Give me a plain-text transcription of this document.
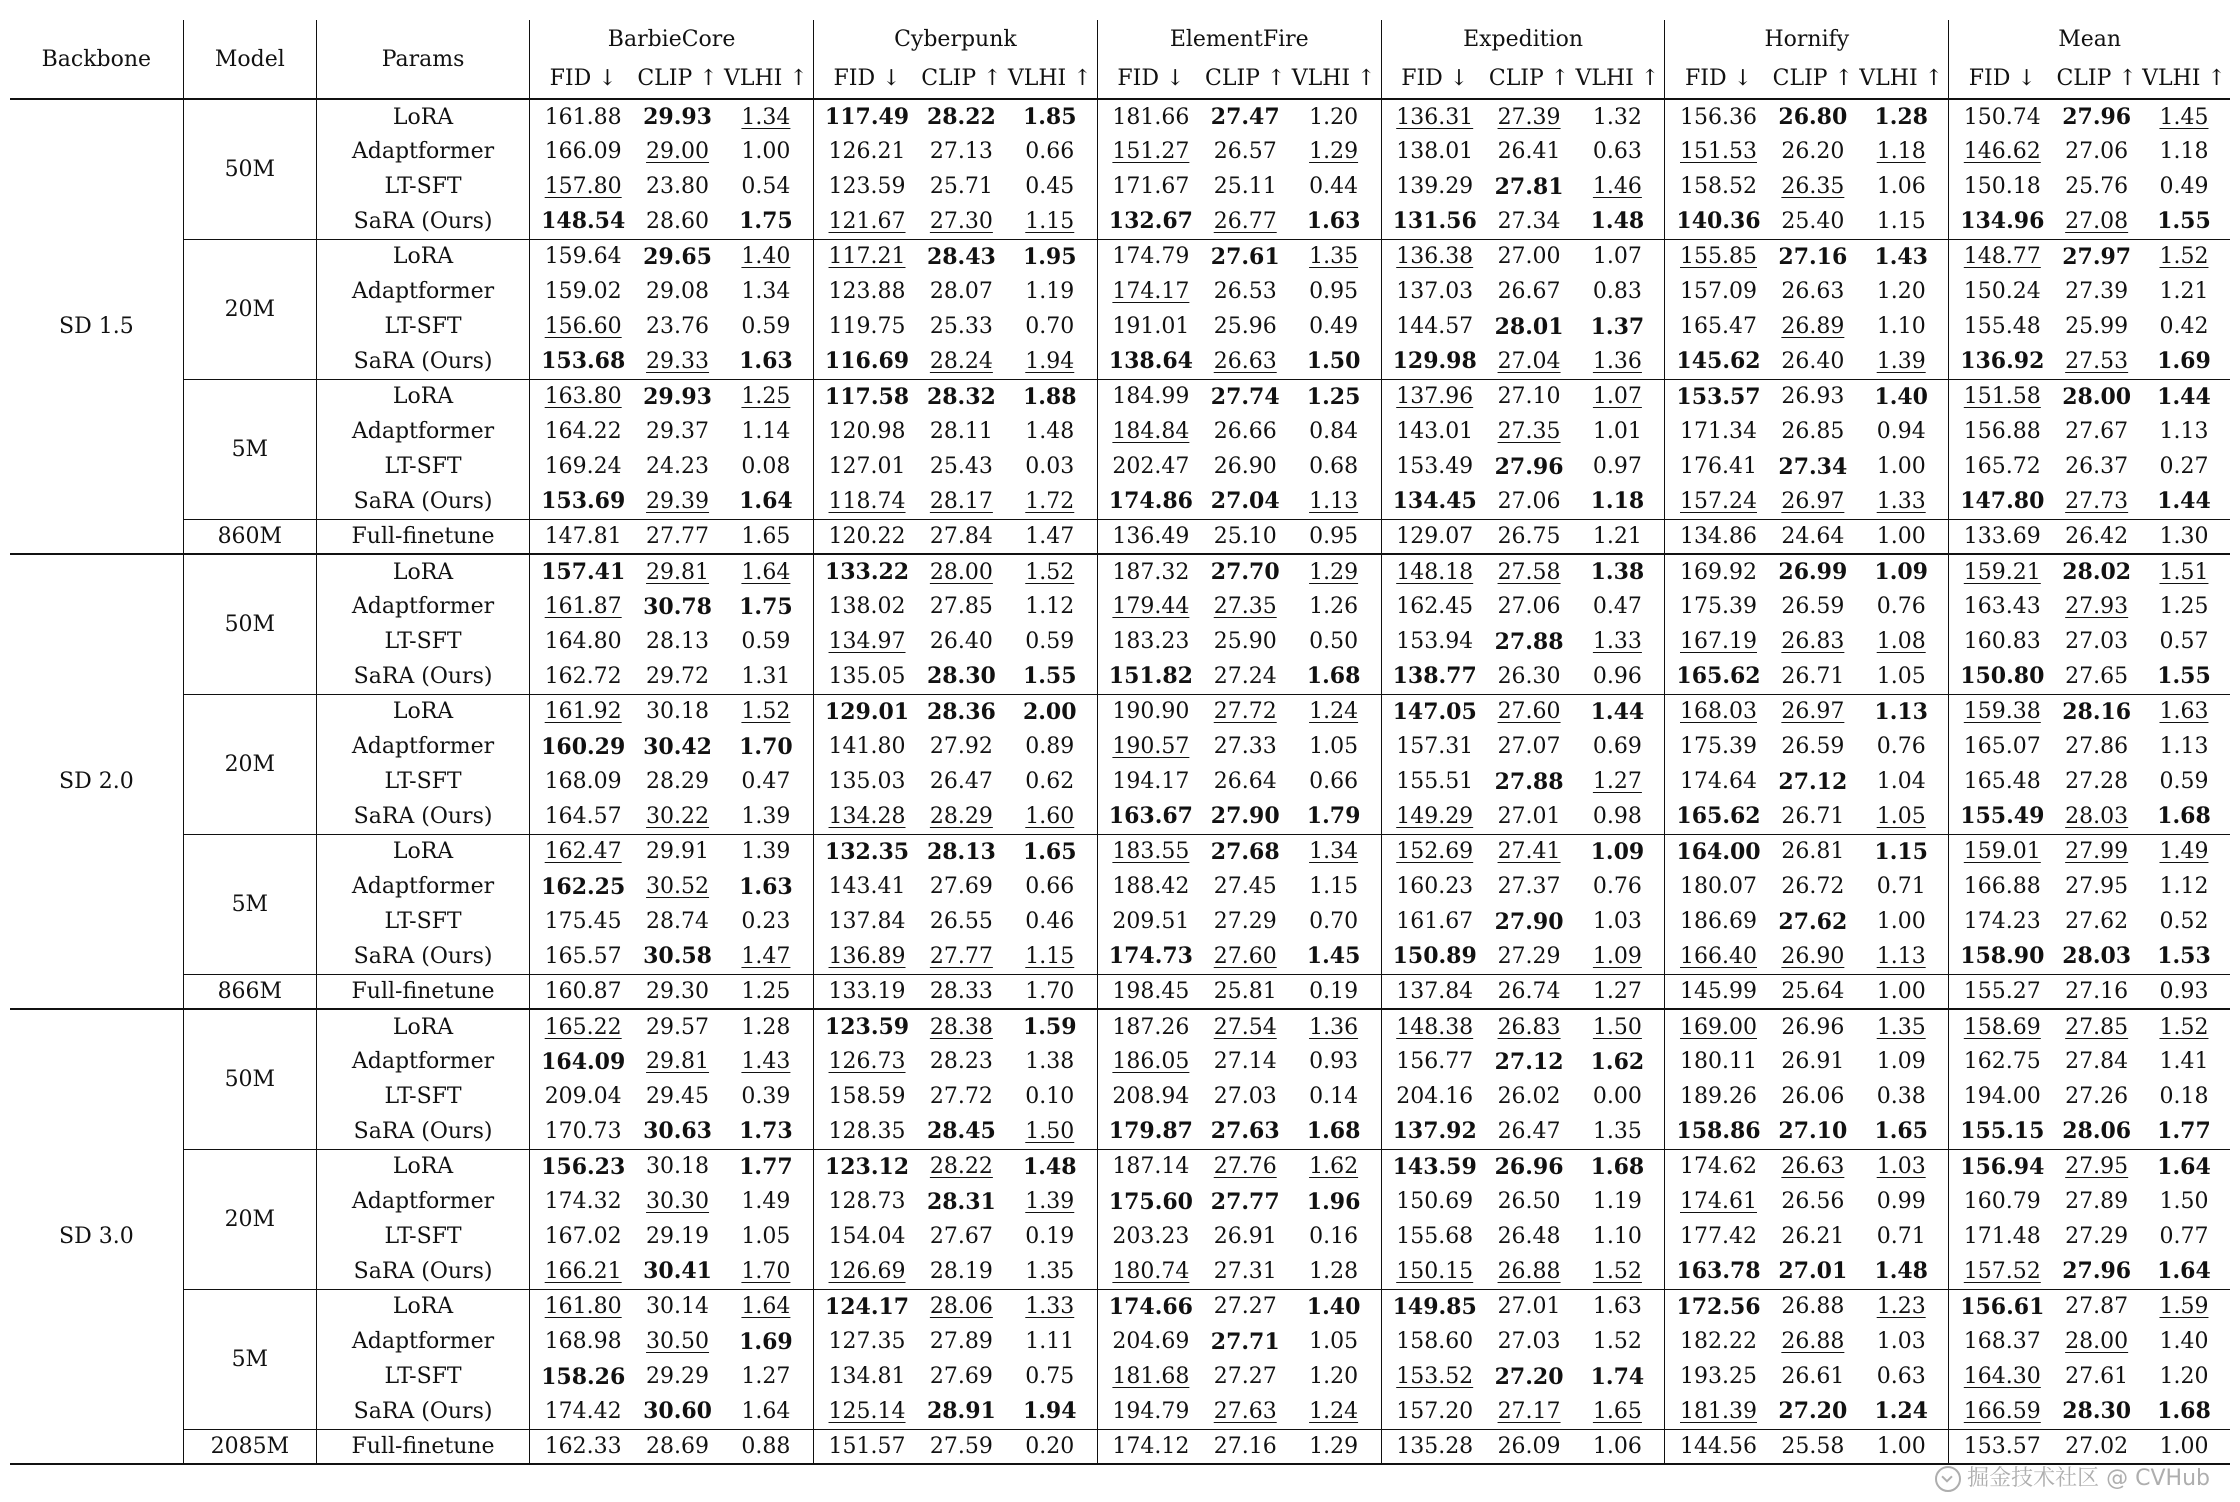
Backbone	Model	Params	BarbieCore			Cyberpunk			ElementFire			Expedition			Hornify			Mean		
			FID ↓	CLIP ↑	VLHI ↑	FID ↓	CLIP ↑	VLHI ↑	FID ↓	CLIP ↑	VLHI ↑	FID ↓	CLIP ↑	VLHI ↑	FID ↓	CLIP ↑	VLHI ↑	FID ↓	CLIP ↑	VLHI ↑
SD 1.5	50M	LoRA	161.88	29.93	1.34	117.49	28.22	1.85	181.66	27.47	1.20	136.31	27.39	1.32	156.36	26.80	1.28	150.74	27.96	1.45
		Adaptformer	166.09	29.00	1.00	126.21	27.13	0.66	151.27	26.57	1.29	138.01	26.41	0.63	151.53	26.20	1.18	146.62	27.06	1.18
		LT-SFT	157.80	23.80	0.54	123.59	25.71	0.45	171.67	25.11	0.44	139.29	27.81	1.46	158.52	26.35	1.06	150.18	25.76	0.49
		SaRA (Ours)	148.54	28.60	1.75	121.67	27.30	1.15	132.67	26.77	1.63	131.56	27.34	1.48	140.36	25.40	1.15	134.96	27.08	1.55
	20M	LoRA	159.64	29.65	1.40	117.21	28.43	1.95	174.79	27.61	1.35	136.38	27.00	1.07	155.85	27.16	1.43	148.77	27.97	1.52
		Adaptformer	159.02	29.08	1.34	123.88	28.07	1.19	174.17	26.53	0.95	137.03	26.67	0.83	157.09	26.63	1.20	150.24	27.39	1.21
		LT-SFT	156.60	23.76	0.59	119.75	25.33	0.70	191.01	25.96	0.49	144.57	28.01	1.37	165.47	26.89	1.10	155.48	25.99	0.42
		SaRA (Ours)	153.68	29.33	1.63	116.69	28.24	1.94	138.64	26.63	1.50	129.98	27.04	1.36	145.62	26.40	1.39	136.92	27.53	1.69
	5M	LoRA	163.80	29.93	1.25	117.58	28.32	1.88	184.99	27.74	1.25	137.96	27.10	1.07	153.57	26.93	1.40	151.58	28.00	1.44
		Adaptformer	164.22	29.37	1.14	120.98	28.11	1.48	184.84	26.66	0.84	143.01	27.35	1.01	171.34	26.85	0.94	156.88	27.67	1.13
		LT-SFT	169.24	24.23	0.08	127.01	25.43	0.03	202.47	26.90	0.68	153.49	27.96	0.97	176.41	27.34	1.00	165.72	26.37	0.27
		SaRA (Ours)	153.69	29.39	1.64	118.74	28.17	1.72	174.86	27.04	1.13	134.45	27.06	1.18	157.24	26.97	1.33	147.80	27.73	1.44
	860M	Full-finetune	147.81	27.77	1.65	120.22	27.84	1.47	136.49	25.10	0.95	129.07	26.75	1.21	134.86	24.64	1.00	133.69	26.42	1.30
SD 2.0	50M	LoRA	157.41	29.81	1.64	133.22	28.00	1.52	187.32	27.70	1.29	148.18	27.58	1.38	169.92	26.99	1.09	159.21	28.02	1.51
		Adaptformer	161.87	30.78	1.75	138.02	27.85	1.12	179.44	27.35	1.26	162.45	27.06	0.47	175.39	26.59	0.76	163.43	27.93	1.25
		LT-SFT	164.80	28.13	0.59	134.97	26.40	0.59	183.23	25.90	0.50	153.94	27.88	1.33	167.19	26.83	1.08	160.83	27.03	0.57
		SaRA (Ours)	162.72	29.72	1.31	135.05	28.30	1.55	151.82	27.24	1.68	138.77	26.30	0.96	165.62	26.71	1.05	150.80	27.65	1.55
	20M	LoRA	161.92	30.18	1.52	129.01	28.36	2.00	190.90	27.72	1.24	147.05	27.60	1.44	168.03	26.97	1.13	159.38	28.16	1.63
		Adaptformer	160.29	30.42	1.70	141.80	27.92	0.89	190.57	27.33	1.05	157.31	27.07	0.69	175.39	26.59	0.76	165.07	27.86	1.13
		LT-SFT	168.09	28.29	0.47	135.03	26.47	0.62	194.17	26.64	0.66	155.51	27.88	1.27	174.64	27.12	1.04	165.48	27.28	0.59
		SaRA (Ours)	164.57	30.22	1.39	134.28	28.29	1.60	163.67	27.90	1.79	149.29	27.01	0.98	165.62	26.71	1.05	155.49	28.03	1.68
	5M	LoRA	162.47	29.91	1.39	132.35	28.13	1.65	183.55	27.68	1.34	152.69	27.41	1.09	164.00	26.81	1.15	159.01	27.99	1.49
		Adaptformer	162.25	30.52	1.63	143.41	27.69	0.66	188.42	27.45	1.15	160.23	27.37	0.76	180.07	26.72	0.71	166.88	27.95	1.12
		LT-SFT	175.45	28.74	0.23	137.84	26.55	0.46	209.51	27.29	0.70	161.67	27.90	1.03	186.69	27.62	1.00	174.23	27.62	0.52
		SaRA (Ours)	165.57	30.58	1.47	136.89	27.77	1.15	174.73	27.60	1.45	150.89	27.29	1.09	166.40	26.90	1.13	158.90	28.03	1.53
	866M	Full-finetune	160.87	29.30	1.25	133.19	28.33	1.70	198.45	25.81	0.19	137.84	26.74	1.27	145.99	25.64	1.00	155.27	27.16	0.93
SD 3.0	50M	LoRA	165.22	29.57	1.28	123.59	28.38	1.59	187.26	27.54	1.36	148.38	26.83	1.50	169.00	26.96	1.35	158.69	27.85	1.52
		Adaptformer	164.09	29.81	1.43	126.73	28.23	1.38	186.05	27.14	0.93	156.77	27.12	1.62	180.11	26.91	1.09	162.75	27.84	1.41
		LT-SFT	209.04	29.45	0.39	158.59	27.72	0.10	208.94	27.03	0.14	204.16	26.02	0.00	189.26	26.06	0.38	194.00	27.26	0.18
		SaRA (Ours)	170.73	30.63	1.73	128.35	28.45	1.50	179.87	27.63	1.68	137.92	26.47	1.35	158.86	27.10	1.65	155.15	28.06	1.77
	20M	LoRA	156.23	30.18	1.77	123.12	28.22	1.48	187.14	27.76	1.62	143.59	26.96	1.68	174.62	26.63	1.03	156.94	27.95	1.64
		Adaptformer	174.32	30.30	1.49	128.73	28.31	1.39	175.60	27.77	1.96	150.69	26.50	1.19	174.61	26.56	0.99	160.79	27.89	1.50
		LT-SFT	167.02	29.19	1.05	154.04	27.67	0.19	203.23	26.91	0.16	155.68	26.48	1.10	177.42	26.21	0.71	171.48	27.29	0.77
		SaRA (Ours)	166.21	30.41	1.70	126.69	28.19	1.35	180.74	27.31	1.28	150.15	26.88	1.52	163.78	27.01	1.48	157.52	27.96	1.64
	5M	LoRA	161.80	30.14	1.64	124.17	28.06	1.33	174.66	27.27	1.40	149.85	27.01	1.63	172.56	26.88	1.23	156.61	27.87	1.59
		Adaptformer	168.98	30.50	1.69	127.35	27.89	1.11	204.69	27.71	1.05	158.60	27.03	1.52	182.22	26.88	1.03	168.37	28.00	1.40
		LT-SFT	158.26	29.29	1.27	134.81	27.69	0.75	181.68	27.27	1.20	153.52	27.20	1.74	193.25	26.61	0.63	164.30	27.61	1.20
		SaRA (Ours)	174.42	30.60	1.64	125.14	28.91	1.94	194.79	27.63	1.24	157.20	27.17	1.65	181.39	27.20	1.24	166.59	28.30	1.68
	2085M	Full-finetune	162.33	28.69	0.88	151.57	27.59	0.20	174.12	27.16	1.29	135.28	26.09	1.06	144.56	25.58	1.00	153.57	27.02	1.00
掘金技术社区 @ CVHub
